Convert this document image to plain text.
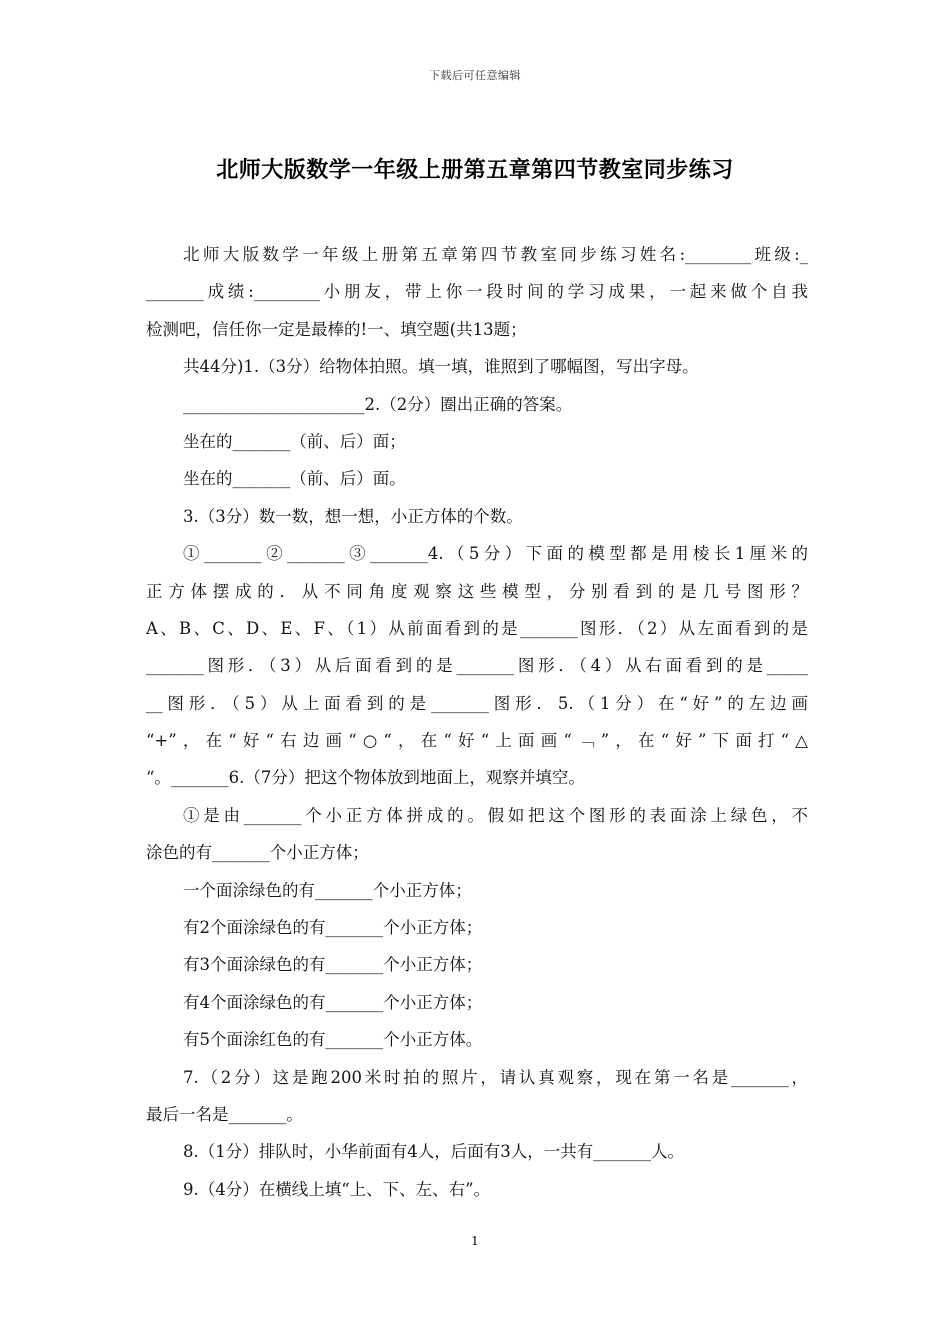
下载后可任意编辑
北师大版数学一年级上册第五章第四节教室同步练习
北师大版数学一年级上册第五章第四节教室同步练习姓名:________班级:_
_______成绩:________小朋友，带上你一段时间的学习成果，一起来做个自我
检测吧，信任你一定是最棒的!一、填空题(共13题；
共44分)1.（3分）给物体拍照。填一填，谁照到了哪幅图，写出字母。
______________________2.（2分）圈出正确的答案。
坐在的_______（前、后）面；
坐在的_______（前、后）面。
3.（3分）数一数，想一想，小正方体的个数。
①_______②_______③_______4.（5分）下面的模型都是用棱长1厘米的
正方体摆成的．从不同角度观察这些模型，分别看到的是几号图形？
A、B、C、D、E、F、（1）从前面看到的是_______图形．（2）从左面看到的是
_______图形．（3）从后面看到的是_______图形．（4）从右面看到的是_____
__图形．（5）从上面看到的是_______图形．5.（1分）在“好”的左边画
“+”，在“好“右边画“○“，在“好“上面画“﹁”，在“好”下面打“△
“。_______6.（7分）把这个物体放到地面上，观察并填空。
①是由_______个小正方体拼成的。假如把这个图形的表面涂上绿色，不
涂色的有_______个小正方体；
一个面涂绿色的有_______个小正方体；
有2个面涂绿色的有_______个小正方体；
有3个面涂绿色的有_______个小正方体；
有4个面涂绿色的有_______个小正方体；
有5个面涂红色的有_______个小正方体。
7.（2分）这是跑200米时拍的照片，请认真观察，现在第一名是_______，
最后一名是_______。
8.（1分）排队时，小华前面有4人，后面有3人，一共有_______人。
9.（4分）在横线上填“上、下、左、右”。
1
